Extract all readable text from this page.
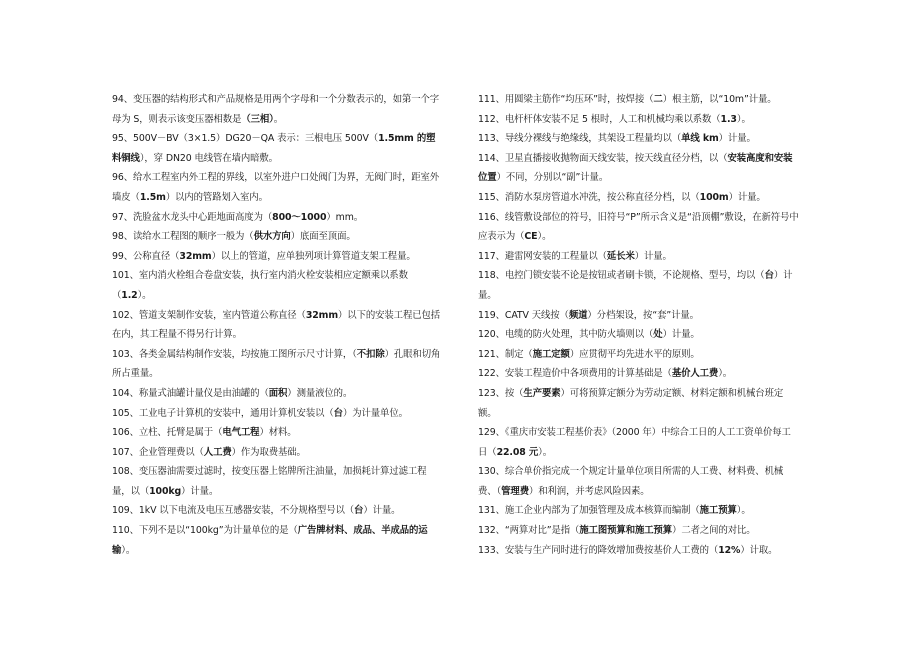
94、变压器的结构形式和产品规格是用两个字母和一个分数表示的，如第一个字母为 S，则表示该变压器相数是（三相）。

95、500V－BV（3×1.5）DG20－QA 表示：三根电压 500V（1.5mm 的塑料铜线），穿 DN20 电线管在墙内暗敷。

96、给水工程室内外工程的界线，以室外进户口处阀门为界，无阀门时，距室外墙皮（1.5m）以内的管路划入室内。

97、洗脸盆水龙头中心距地面高度为（800～1000）mm。

98、读给水工程图的顺序一般为（供水方向）底面至顶面。

99、公称直径（32mm）以上的管道，应单独列项计算管道支架工程量。

101、室内消火栓组合卷盘安装，执行室内消火栓安装相应定额乘以系数（1.2）。

102、管道支架制作安装，室内管道公称直径（32mm）以下的安装工程已包括在内，其工程量不得另行计算。

103、各类金属结构制作安装，均按施工图所示尺寸计算，（不扣除）孔眼和切角所占重量。

104、称量式油罐计量仪是由油罐的（面积）测量液位的。

105、工业电子计算机的安装中，通用计算机安装以（台）为计量单位。

106、立柱、托臂是属于（电气工程）材料。

107、企业管理费以（人工费）作为取费基础。

108、变压器油需要过滤时，按变压器上铭牌所注油量，加损耗计算过滤工程量，以（100kg）计量。

109、1kV 以下电流及电压互感器安装，不分规格型号以（台）计量。

110、下列不是以“100kg”为计量单位的是（广告牌材料、成品、半成品的运输）。

111、用圆梁主筋作“均压环”时，按焊接（二）根主筋，以“10m”计量。

112、电杆杆体安装不足 5 根时，人工和机械均乘以系数（1.3）。

113、导线分裸线与绝缘线，其架设工程量均以（单线 km）计量。

114、卫星直播接收抛物面天线安装，按天线直径分档，以（安装高度和安装位置）不同，分别以“副”计量。

115、消防水泵房管道水冲洗，按公称直径分档，以（100m）计量。

116、线管敷设部位的符号，旧符号“P”所示含义是“沿顶棚”敷设，在新符号中应表示为（CE）。

117、避雷网安装的工程量以（延长米）计量。

118、电控门锁安装不论是按钮或者刷卡锁，不论规格、型号，均以（台）计量。

119、CATV 天线按（频道）分档架设，按“套”计量。

120、电缆的防火处理，其中防火墙则以（处）计量。

121、制定（施工定额）应贯彻平均先进水平的原则。

122、安装工程造价中各项费用的计算基础是（基价人工费）。

123、按（生产要素）可将预算定额分为劳动定额、材料定额和机械台班定额。

129、《重庆市安装工程基价表》（2000 年）中综合工日的人工工资单价每工日（22.08 元）。

130、综合单价指完成一个规定计量单位项目所需的人工费、材料费、机械费、（管理费）和利润，并考虑风险因素。

131、施工企业内部为了加强管理及成本核算而编制（施工预算）。

132、“两算对比”是指（施工图预算和施工预算）二者之间的对比。

133、安装与生产同时进行的降效增加费按基价人工费的（12%）计取。
